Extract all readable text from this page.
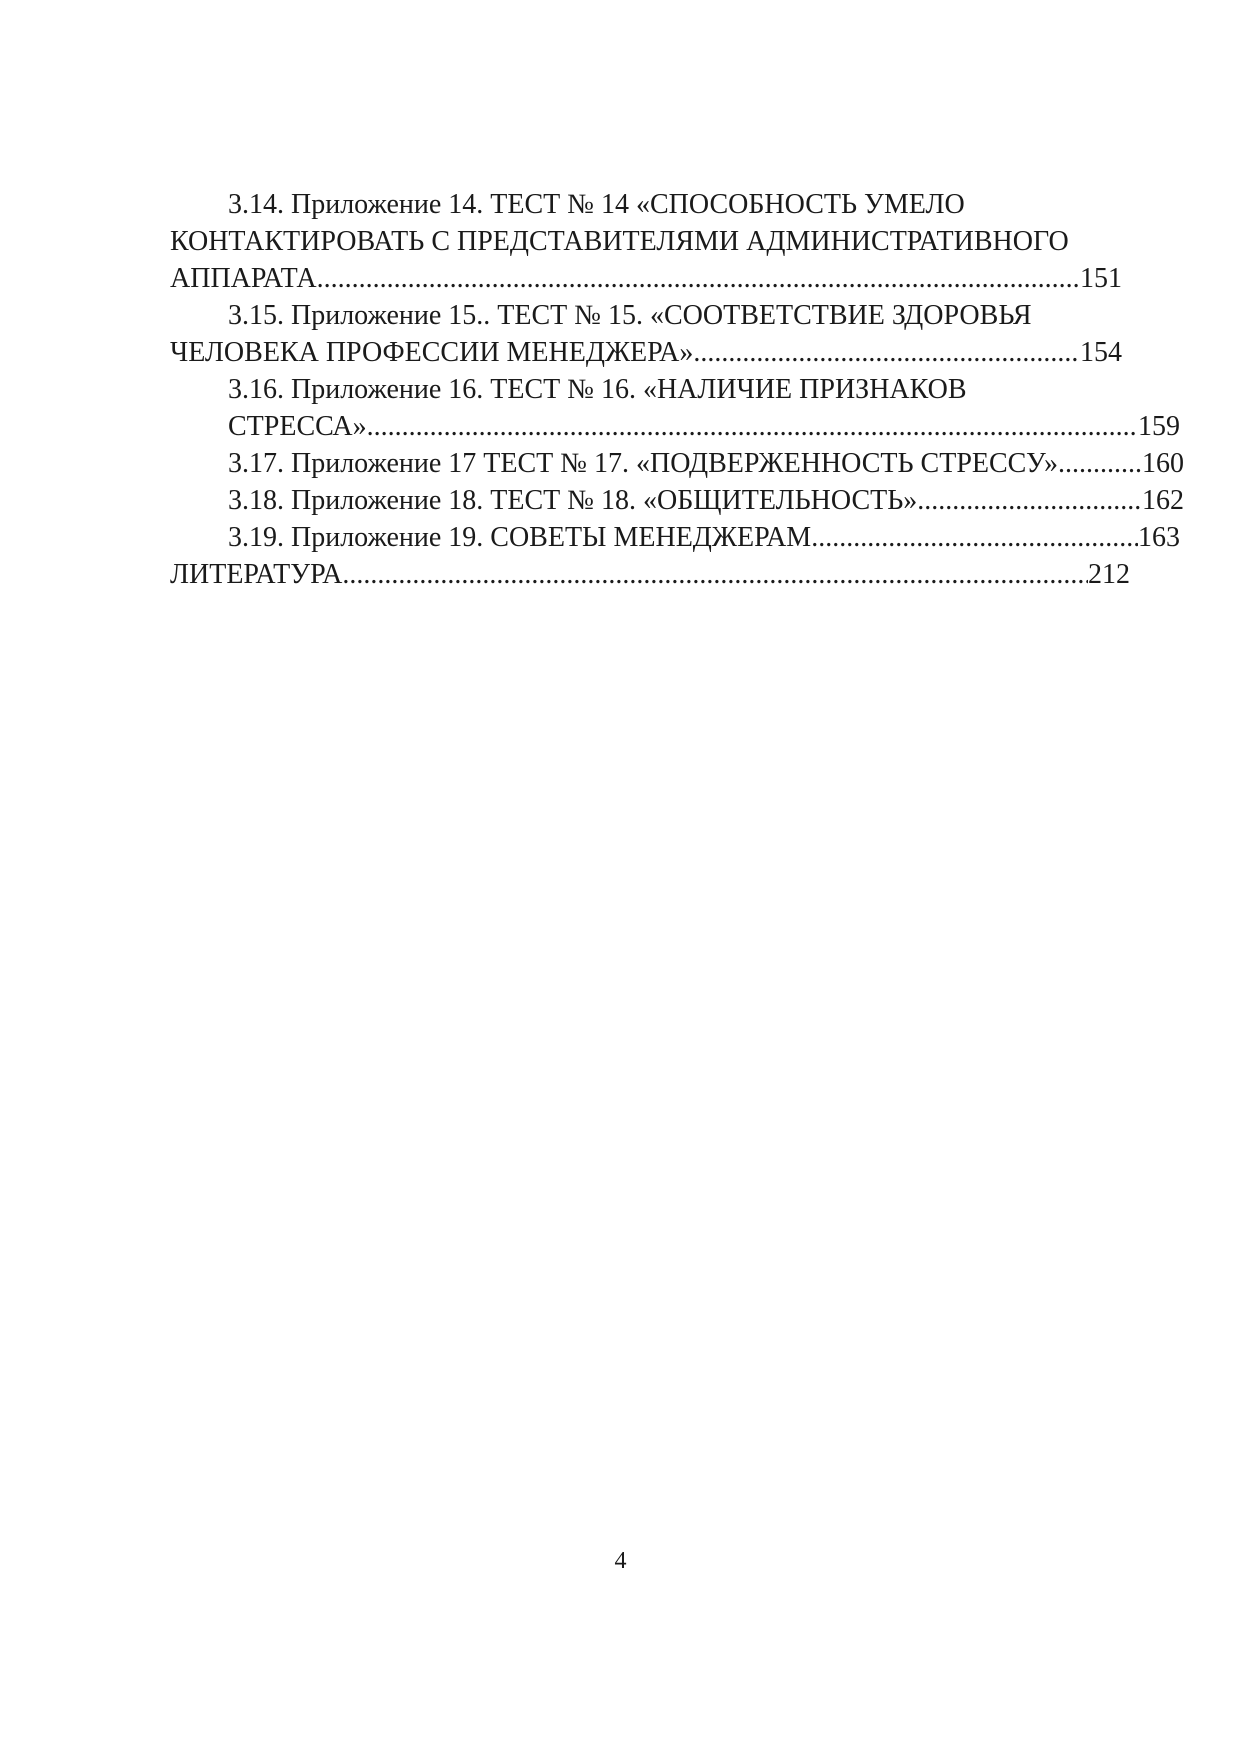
3.14. Приложение 14. ТЕСТ № 14 «СПОСОБНОСТЬ УМЕЛО
КОНТАКТИРОВАТЬ С ПРЕДСТАВИТЕЛЯМИ АДМИНИСТРАТИВНОГО
АППАРАТА .....	151
3.15. Приложение 15.. ТЕСТ № 15. «СООТВЕТСТВИЕ ЗДОРОВЬЯ
ЧЕЛОВЕКА ПРОФЕССИИ МЕНЕДЖЕРА» .....	154
3.16. Приложение 16. ТЕСТ № 16. «НАЛИЧИЕ ПРИЗНАКОВ
СТРЕССА» .....	159
3.17. Приложение 17 ТЕСТ № 17. «ПОДВЕРЖЕННОСТЬ СТРЕССУ» .....	160
3.18. Приложение 18. ТЕСТ № 18. «ОБЩИТЕЛЬНОСТЬ» .....	162
3.19. Приложение 19. СОВЕТЫ МЕНЕДЖЕРАМ .....	163
ЛИТЕРАТУРА .....	212
4
